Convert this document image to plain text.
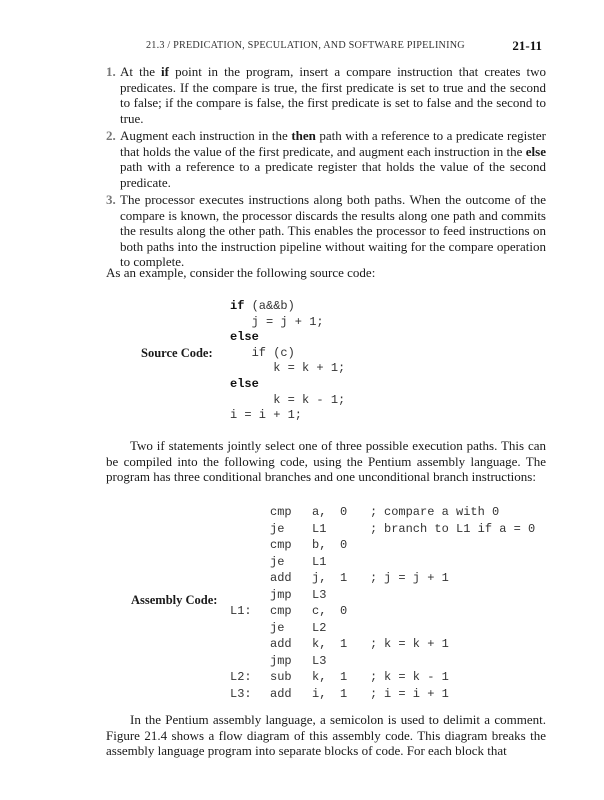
21.3 / PREDICATION, SPECULATION, AND SOFTWARE PIPELINING	21-11
1. At the if point in the program, insert a compare instruction that creates two predicates. If the compare is true, the first predicate is set to true and the second to false; if the compare is false, the first predicate is set to false and the second to true.
2. Augment each instruction in the then path with a reference to a predicate register that holds the value of the first predicate, and augment each instruction in the else path with a reference to a predicate register that holds the value of the second predicate.
3. The processor executes instructions along both paths. When the outcome of the compare is known, the processor discards the results along one path and commits the results along the other path. This enables the processor to feed instructions on both paths into the instruction pipeline without waiting for the compare operation to complete.

As an example, consider the following source code:

Source Code:
if (a&&b)
j = j + 1;
else
if (c)
k = k + 1;
else
k = k - 1;
i = i + 1;
Two if statements jointly select one of three possible execution paths. This can be compiled into the following code, using the Pentium assembly language. The program has three conditional branches and one unconditional branch instructions:
Assembly Code:
cmp a, 0 ; compare a with 0
je L1	; branch to L1 if a = 0
cmp b, 0
je L1
add j, 1 ; j = j + 1
jmp L3
L1: cmp c, 0
je L2
add k, 1 ; k = k + 1
jmp L3
L2: sub k, 1 ; k = k - 1
L3: add i, 1 ; i = i + 1
In the Pentium assembly language, a semicolon is used to delimit a comment. Figure 21.4 shows a flow diagram of this assembly code. This diagram breaks the assembly language program into separate blocks of code. For each block that
